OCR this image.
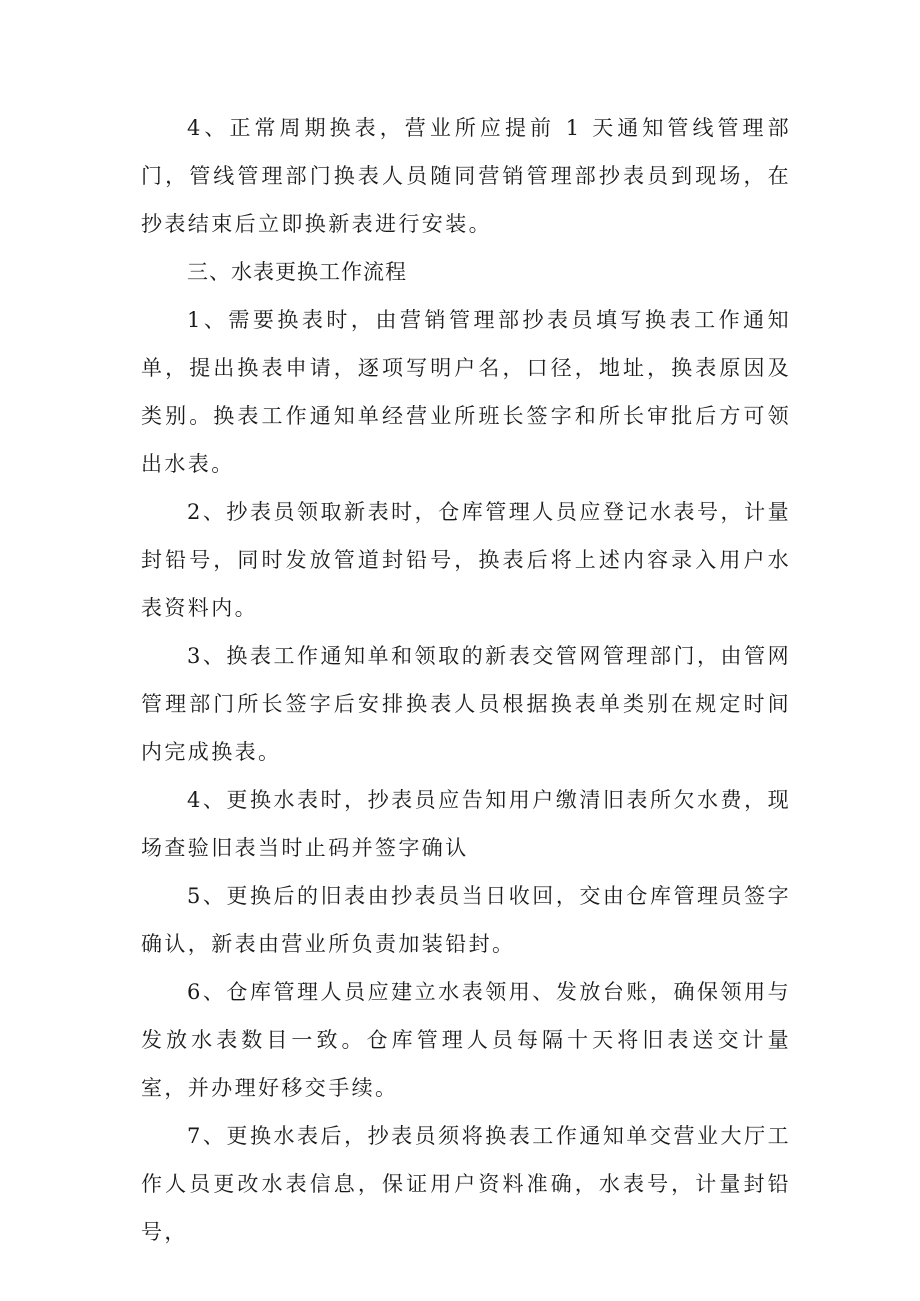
4、正常周期换表，营业所应提前 1 天通知管线管理部门，管线管理部门换表人员随同营销管理部抄表员到现场，在抄表结束后立即换新表进行安装。

三、水表更换工作流程

1、需要换表时，由营销管理部抄表员填写换表工作通知单，提出换表申请，逐项写明户名，口径，地址，换表原因及类别。换表工作通知单经营业所班长签字和所长审批后方可领出水表。

2、抄表员领取新表时，仓库管理人员应登记水表号，计量封铅号，同时发放管道封铅号，换表后将上述内容录入用户水表资料内。

3、换表工作通知单和领取的新表交管网管理部门，由管网管理部门所长签字后安排换表人员根据换表单类别在规定时间内完成换表。

4、更换水表时，抄表员应告知用户缴清旧表所欠水费，现场查验旧表当时止码并签字确认

5、更换后的旧表由抄表员当日收回，交由仓库管理员签字确认，新表由营业所负责加装铅封。

6、仓库管理人员应建立水表领用、发放台账，确保领用与发放水表数目一致。仓库管理人员每隔十天将旧表送交计量室，并办理好移交手续。

7、更换水表后，抄表员须将换表工作通知单交营业大厅工作人员更改水表信息，保证用户资料准确，水表号，计量封铅号，
